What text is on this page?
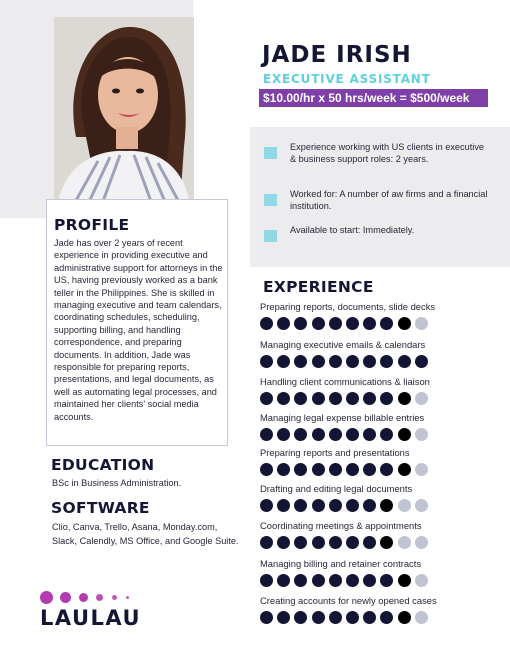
JADE IRISH
EXECUTIVE ASSISTANT
$10.00/hr x 50 hrs/week = $500/week
Experience working with US clients in executive & business support roles: 2 years.
Worked for: A number of aw firms and a financial institution.
Available to start: Immediately.
PROFILE
Jade has over 2 years of recent experience in providing executive and administrative support for attorneys in the US, having previously worked as a bank teller in the Philippines. She is skilled in managing executive and team calendars, coordinating schedules, scheduling, supporting billing, and handling correspondence, and preparing documents. In addition, Jade was responsible for preparing reports, presentations, and legal documents, as well as automating legal processes, and maintained her clients' social media accounts.
EDUCATION
BSc in Business Administration.
SOFTWARE
Clio, Canva, Trello, Asana, Monday.com, Slack, Calendly, MS Office, and Google Suite.
LAULAU
EXPERIENCE
Preparing reports, documents, slide decks
Managing executive emails & calendars
Handling client communications & liaison
Managing legal expense billable entries
Preparing reports and presentations
Drafting and editing legal documents
Coordinating meetings & appointments
Managing billing and retainer contracts
Creating accounts for newly opened cases
